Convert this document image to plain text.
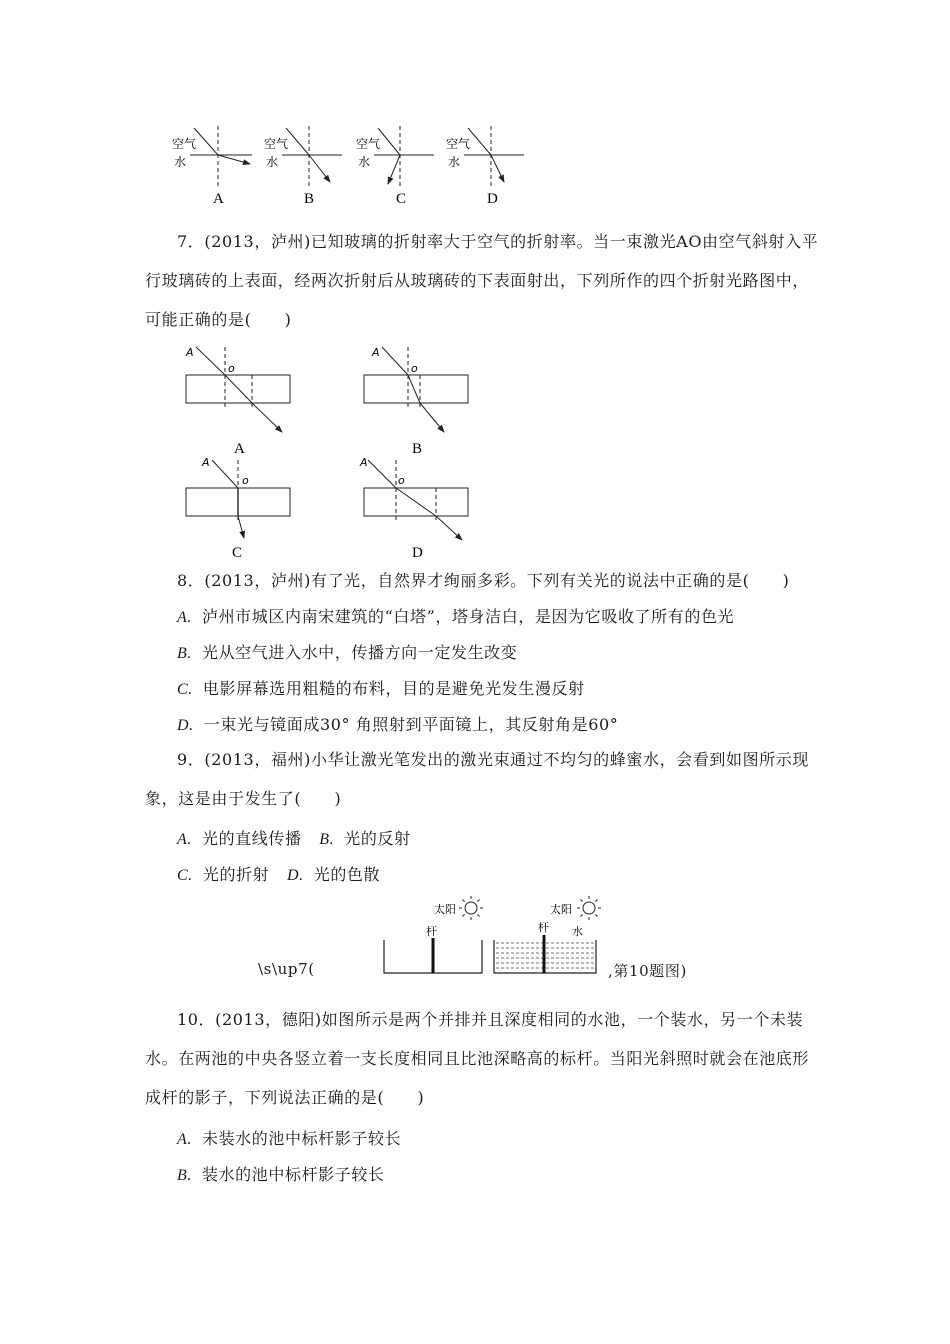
空气
水
A
空气
水
B
空气
水
C
空气
水
D
7．(2013，泸州)已知玻璃的折射率大于空气的折射率。当一束激光AO由空气斜射入平行玻璃砖的上表面，经两次折射后从玻璃砖的下表面射出，下列所作的四个折射光路图中，可能正确的是(　　)
A
o
A
A
o
B
A
o
C
A
o
D
8．(2013，泸州)有了光，自然界才绚丽多彩。下列有关光的说法中正确的是(　　)
A. 泸州市城区内南宋建筑的“白塔”，塔身洁白，是因为它吸收了所有的色光
B. 光从空气进入水中，传播方向一定发生改变
C. 电影屏幕选用粗糙的布料，目的是避免光发生漫反射
D. 一束光与镜面成30° 角照射到平面镜上，其反射角是60°
9．(2013，福州)小华让激光笔发出的激光束通过不均匀的蜂蜜水，会看到如图所示现象，这是由于发生了(　　)
A. 光的直线传播 B. 光的反射
C. 光的折射 D. 光的色散
\s\up7(
太阳
杆
太阳
杆 水
,第10题图)
10．(2013，德阳)如图所示是两个并排并且深度相同的水池，一个装水，另一个未装水。在两池的中央各竖立着一支长度相同且比池深略高的标杆。当阳光斜照时就会在池底形成杆的影子，下列说法正确的是(　　)
A. 未装水的池中标杆影子较长
B. 装水的池中标杆影子较长
